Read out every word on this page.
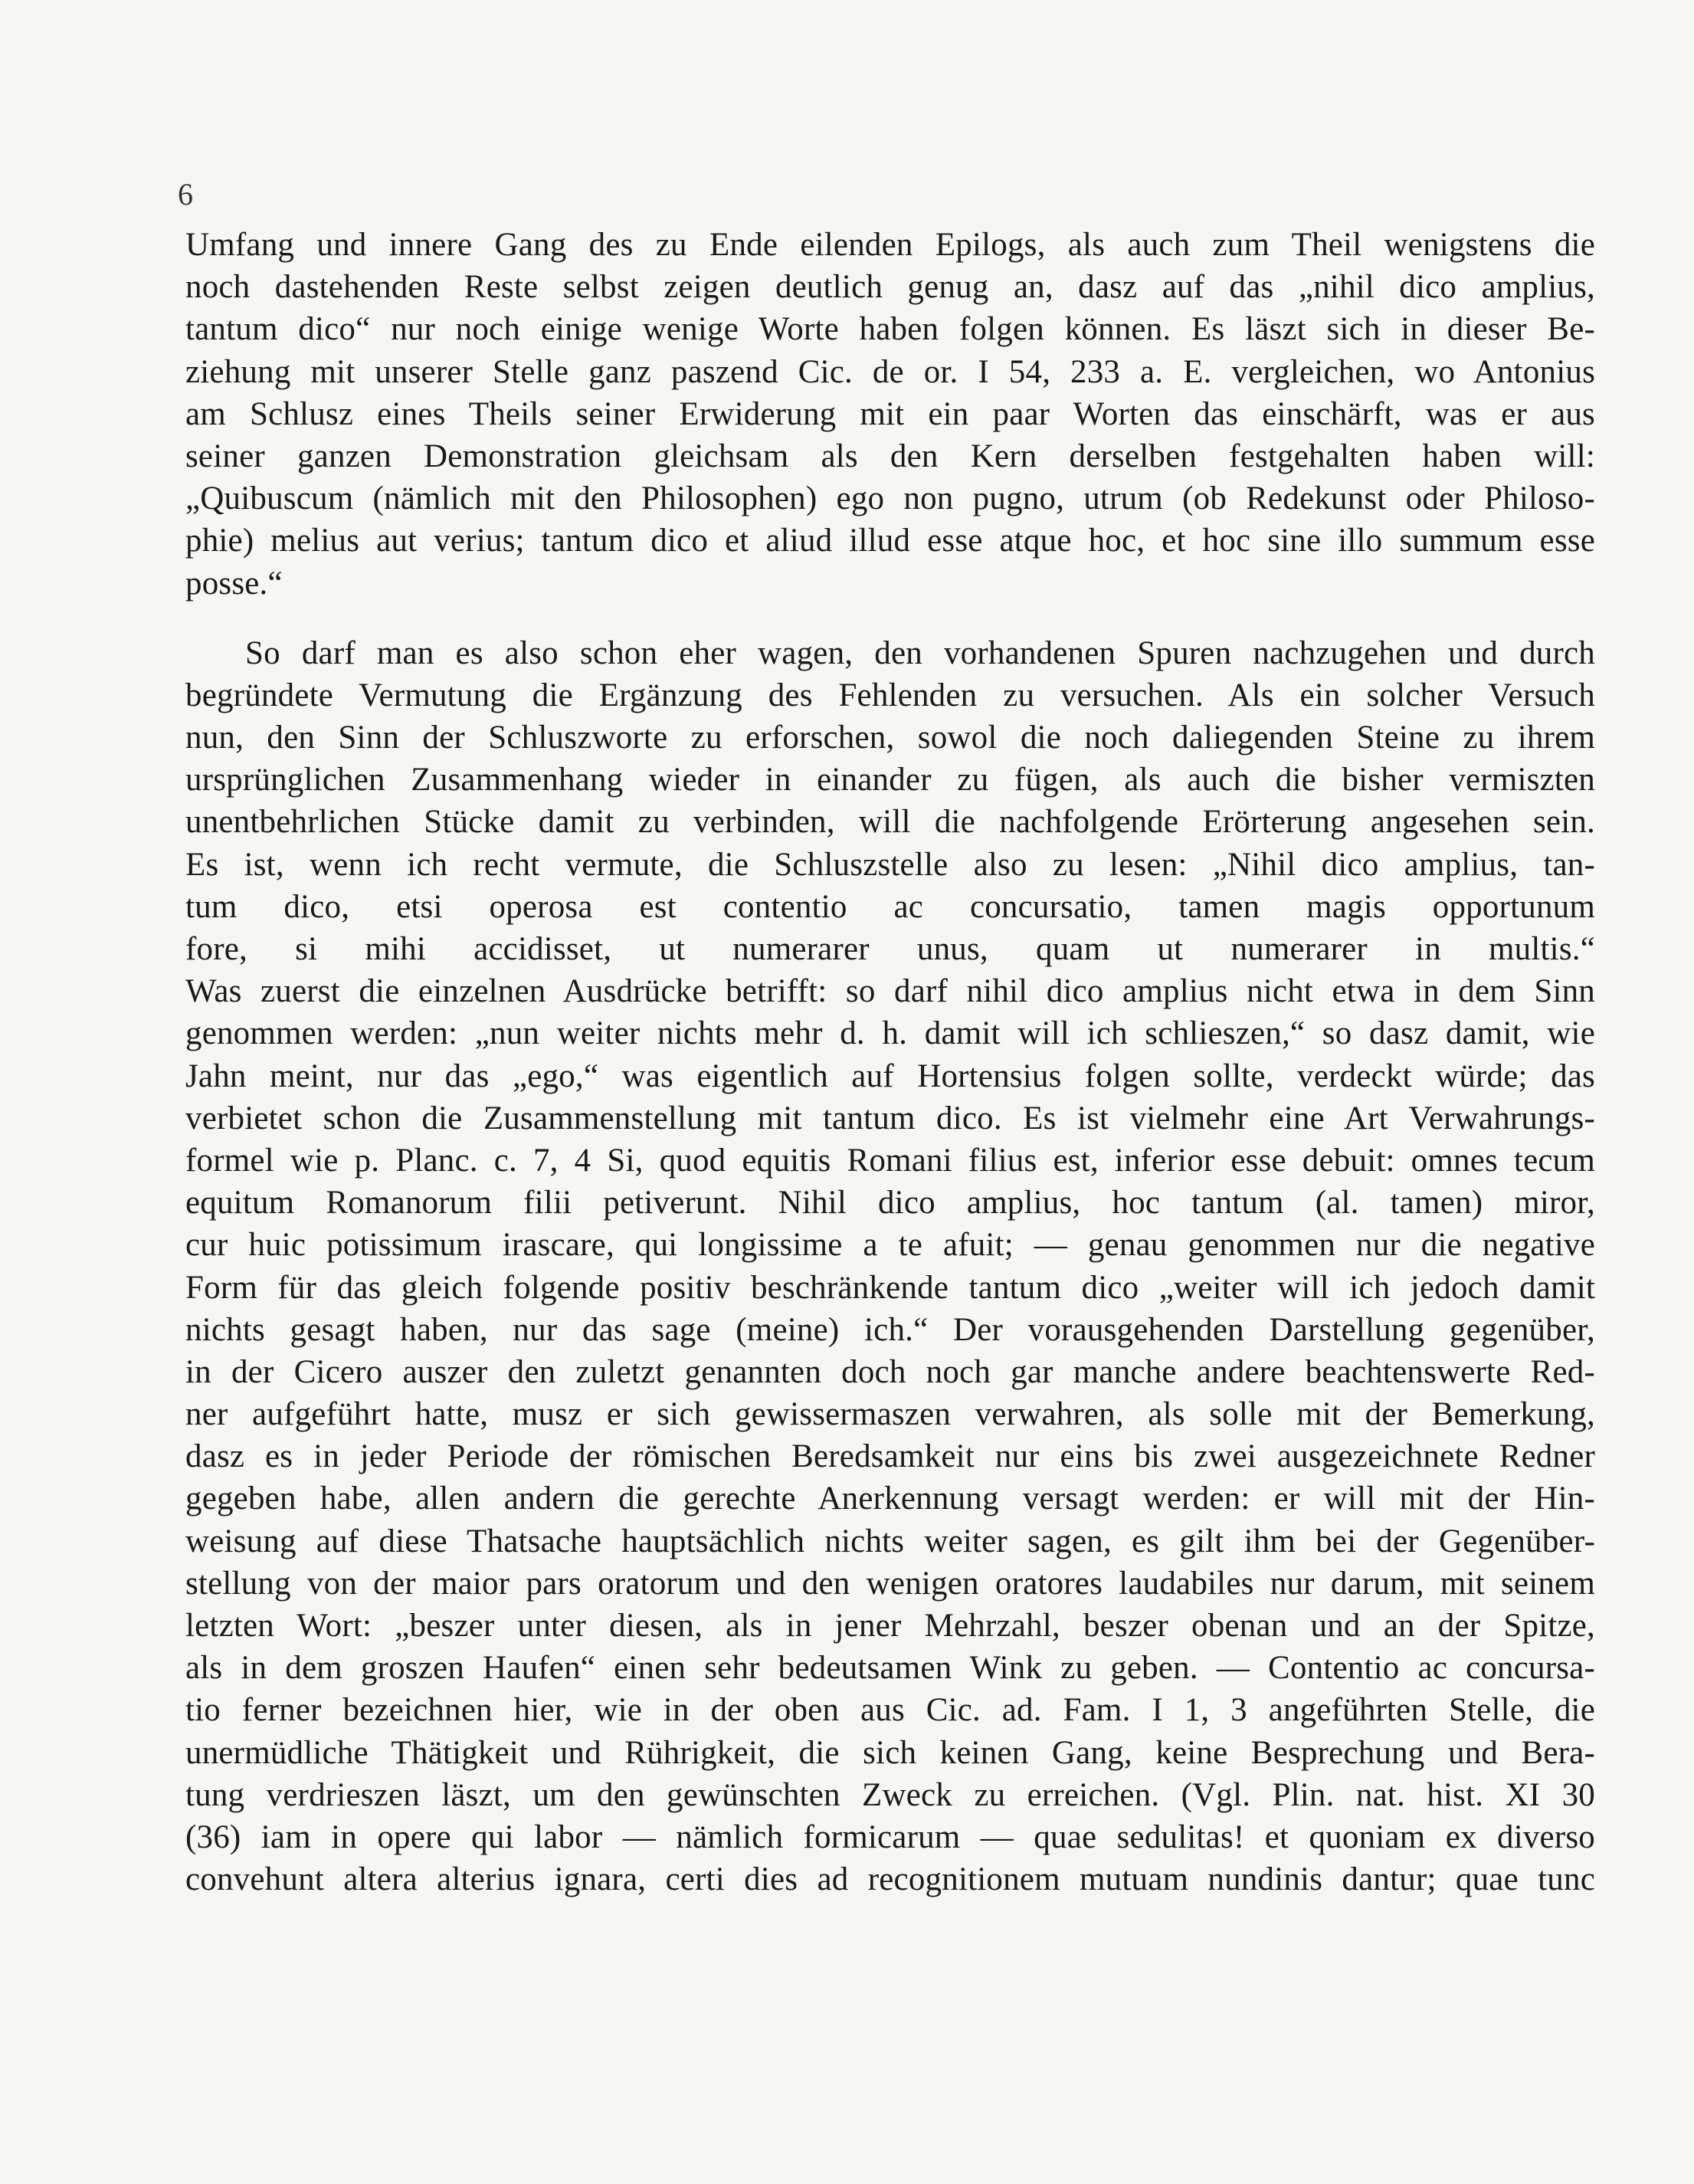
6
Umfang und innere Gang des zu Ende eilenden Epilogs, als auch zum Theil wenigstens die
noch dastehenden Reste selbst zeigen deutlich genug an, dasz auf das „nihil dico amplius,
tantum dico“ nur noch einige wenige Worte haben folgen können. Es läszt sich in dieser Be-
ziehung mit unserer Stelle ganz paszend Cic. de or. I 54, 233 a. E. vergleichen, wo Antonius
am Schlusz eines Theils seiner Erwiderung mit ein paar Worten das einschärft, was er aus
seiner ganzen Demonstration gleichsam als den Kern derselben festgehalten haben will:
„Quibuscum (nämlich mit den Philosophen) ego non pugno, utrum (ob Redekunst oder Philoso-
phie) melius aut verius; tantum dico et aliud illud esse atque hoc, et hoc sine illo summum esse
posse.“
So darf man es also schon eher wagen, den vorhandenen Spuren nachzugehen und durch
begründete Vermutung die Ergänzung des Fehlenden zu versuchen. Als ein solcher Versuch
nun, den Sinn der Schluszworte zu erforschen, sowol die noch daliegenden Steine zu ihrem
ursprünglichen Zusammenhang wieder in einander zu fügen, als auch die bisher vermiszten
unentbehrlichen Stücke damit zu verbinden, will die nachfolgende Erörterung angesehen sein.
Es ist, wenn ich recht vermute, die Schluszstelle also zu lesen: „Nihil dico amplius, tan-
tum dico, etsi operosa est contentio ac concursatio, tamen magis opportunum
fore, si mihi accidisset, ut numerarer unus, quam ut numerarer in multis.“
Was zuerst die einzelnen Ausdrücke betrifft: so darf nihil dico amplius nicht etwa in dem Sinn
genommen werden: „nun weiter nichts mehr d. h. damit will ich schlieszen,“ so dasz damit, wie
Jahn meint, nur das „ego,“ was eigentlich auf Hortensius folgen sollte, verdeckt würde; das
verbietet schon die Zusammenstellung mit tantum dico. Es ist vielmehr eine Art Verwahrungs-
formel wie p. Planc. c. 7, 4 Si, quod equitis Romani filius est, inferior esse debuit: omnes tecum
equitum Romanorum filii petiverunt. Nihil dico amplius, hoc tantum (al. tamen) miror,
cur huic potissimum irascare, qui longissime a te afuit; — genau genommen nur die negative
Form für das gleich folgende positiv beschränkende tantum dico „weiter will ich jedoch damit
nichts gesagt haben, nur das sage (meine) ich.“ Der vorausgehenden Darstellung gegenüber,
in der Cicero auszer den zuletzt genannten doch noch gar manche andere beachtenswerte Red-
ner aufgeführt hatte, musz er sich gewissermaszen verwahren, als solle mit der Bemerkung,
dasz es in jeder Periode der römischen Beredsamkeit nur eins bis zwei ausgezeichnete Redner
gegeben habe, allen andern die gerechte Anerkennung versagt werden: er will mit der Hin-
weisung auf diese Thatsache hauptsächlich nichts weiter sagen, es gilt ihm bei der Gegenüber-
stellung von der maior pars oratorum und den wenigen oratores laudabiles nur darum, mit seinem
letzten Wort: „beszer unter diesen, als in jener Mehrzahl, beszer obenan und an der Spitze,
als in dem groszen Haufen“ einen sehr bedeutsamen Wink zu geben. — Contentio ac concursa-
tio ferner bezeichnen hier, wie in der oben aus Cic. ad. Fam. I 1, 3 angeführten Stelle, die
unermüdliche Thätigkeit und Rührigkeit, die sich keinen Gang, keine Besprechung und Bera-
tung verdrieszen läszt, um den gewünschten Zweck zu erreichen. (Vgl. Plin. nat. hist. XI 30
(36) iam in opere qui labor — nämlich formicarum — quae sedulitas! et quoniam ex diverso
convehunt altera alterius ignara, certi dies ad recognitionem mutuam nundinis dantur; quae tunc
